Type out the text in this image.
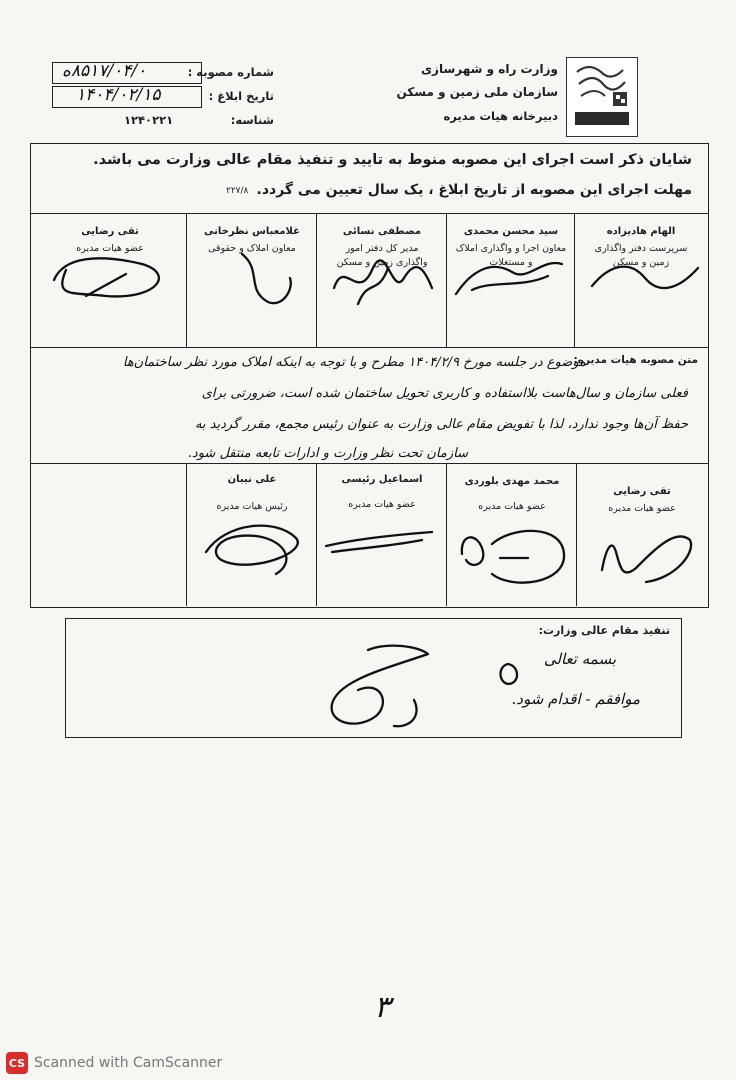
وزارت راه و شهرسازی
سازمان ملی زمین و مسکن
دبیرخانه هیات مدیره
شماره مصوبه :
تاریخ ابلاغ :
شناسه:
۸۵۱۷/۰۴/۰ه
۱۴۰۴/۰۲/۱۵
۱۲۴۰۲۲۱
شایان ذکر است اجرای این مصوبه منوط به تایید و تنفیذ مقام عالی وزارت می باشد.
مهلت اجرای این مصوبه از تاریخ ابلاغ ، یک سال تعیین می گردد.
۲۲۷/۸
الهام هادیزاده
سرپرست دفتر واگذاری زمین و مسکن
سید محسن محمدی
معاون اجرا و واگذاری املاک و مستغلات
مصطفی نسائی
مدیر کل دفتر امور واگذاری زمین و مسکن
غلامعباس نظرخانی
معاون املاک و حقوقی
تقی رضایی
عضو هیات مدیره
متن مصوبه هیات مدیره:
موضوع در جلسه مورخ ۱۴۰۴/۲/۹ مطرح و با توجه به اینکه املاک مورد نظر ساختمان‌ها
فعلی سازمان و سال‌هاست بلااستفاده و کاربری تحویل ساختمان شده است، ضرورتی برای
حفظ آن‌ها وجود ندارد، لذا با تفویض مقام عالی وزارت به عنوان رئیس مجمع، مقرر گردید به
سازمان تحت نظر وزارت و ادارات تابعه منتقل شود.
تقی رضایی
عضو هیات مدیره
محمد مهدی بلوردی
عضو هیات مدیره
اسماعیل رئیسی
عضو هیات مدیره
علی نیبان
رئیس هیات مدیره
تنفیذ مقام عالی وزارت:
بسمه تعالی
موافقم - اقدام شود.
۳
CS Scanned with CamScanner
